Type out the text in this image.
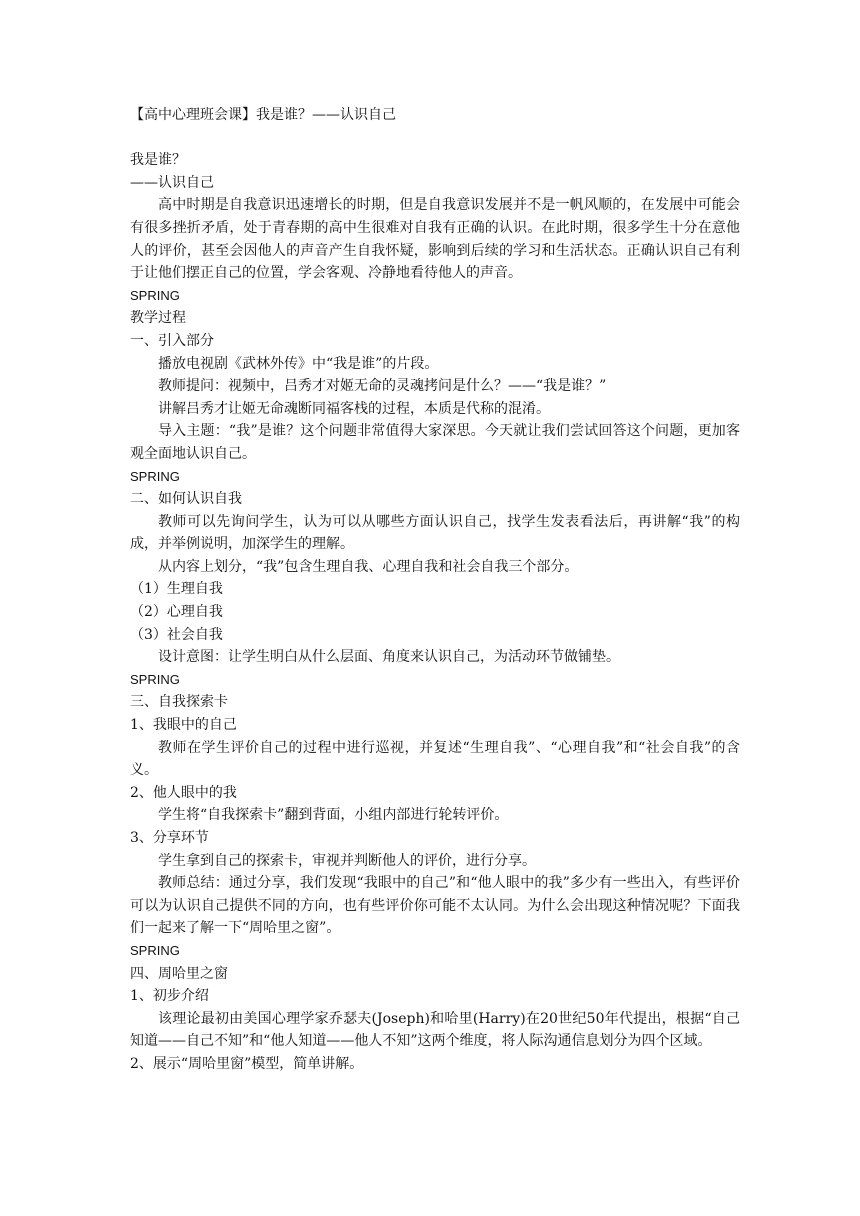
【高中心理班会课】我是谁？——认识自己
我是谁？
——认识自己
高中时期是自我意识迅速增长的时期，但是自我意识发展并不是一帆风顺的，在发展中可能会有很多挫折矛盾，处于青春期的高中生很难对自我有正确的认识。在此时期，很多学生十分在意他人的评价，甚至会因他人的声音产生自我怀疑，影响到后续的学习和生活状态。正确认识自己有利于让他们摆正自己的位置，学会客观、冷静地看待他人的声音。
SPRING
教学过程
一、引入部分
播放电视剧《武林外传》中“我是谁”的片段。
教师提问：视频中，吕秀才对姬无命的灵魂拷问是什么？——“我是谁？”
讲解吕秀才让姬无命魂断同福客栈的过程，本质是代称的混淆。
导入主题：“我”是谁？这个问题非常值得大家深思。今天就让我们尝试回答这个问题，更加客观全面地认识自己。
SPRING
二、如何认识自我
教师可以先询问学生，认为可以从哪些方面认识自己，找学生发表看法后，再讲解“我”的构成，并举例说明，加深学生的理解。
从内容上划分，“我”包含生理自我、心理自我和社会自我三个部分。
（1）生理自我
（2）心理自我
（3）社会自我
设计意图：让学生明白从什么层面、角度来认识自己，为活动环节做铺垫。
SPRING
三、自我探索卡
1、我眼中的自己
教师在学生评价自己的过程中进行巡视，并复述“生理自我”、“心理自我”和“社会自我”的含义。
2、他人眼中的我
学生将“自我探索卡”翻到背面，小组内部进行轮转评价。
3、分享环节
学生拿到自己的探索卡，审视并判断他人的评价，进行分享。
教师总结：通过分享，我们发现“我眼中的自己”和“他人眼中的我”多少有一些出入，有些评价可以为认识自己提供不同的方向，也有些评价你可能不太认同。为什么会出现这种情况呢？下面我们一起来了解一下“周哈里之窗”。
SPRING
四、周哈里之窗
1、初步介绍
该理论最初由美国心理学家乔瑟夫(Joseph)和哈里(Harry)在20世纪50年代提出，根据“自己知道——自己不知”和“他人知道——他人不知”这两个维度，将人际沟通信息划分为四个区域。
2、展示“周哈里窗”模型，简单讲解。
